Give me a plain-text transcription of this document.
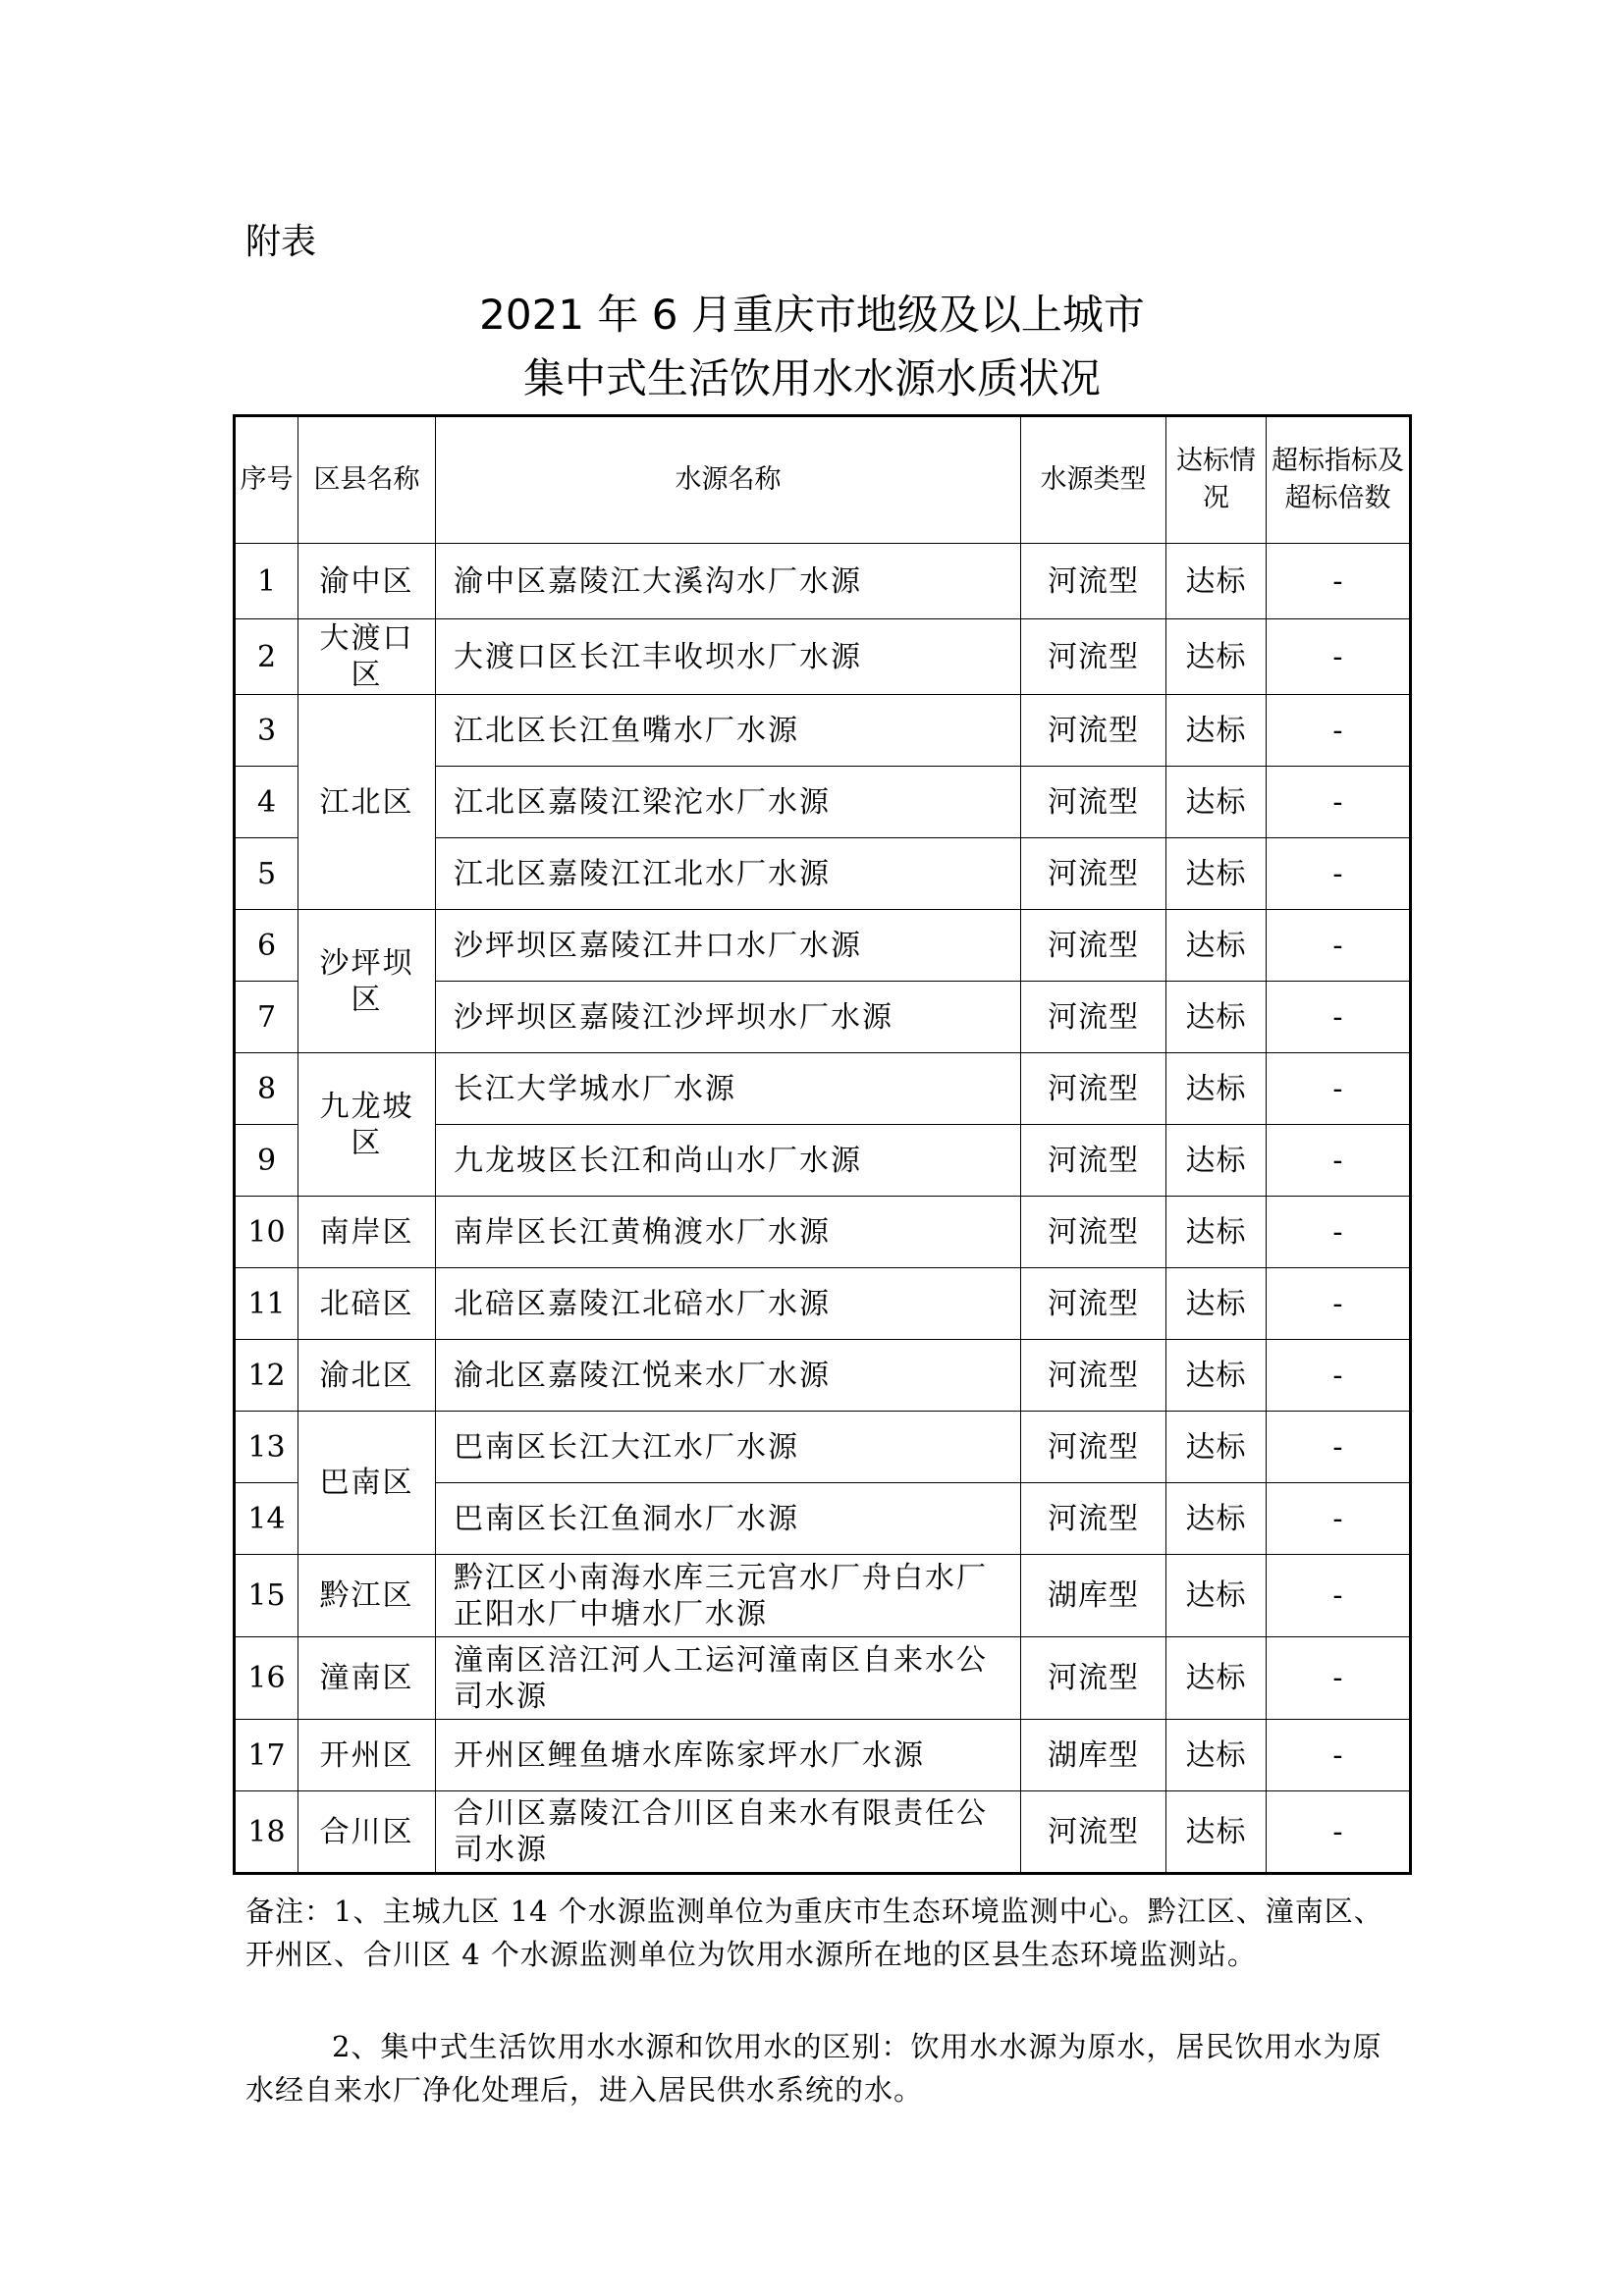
附表
2021 年 6 月重庆市地级及以上城市
集中式生活饮用水水源水质状况
序号	区县名称	水源名称	水源类型	达标情况	超标指标及超标倍数
1	渝中区	渝中区嘉陵江大溪沟水厂水源	河流型	达标	-
2	大渡口区	大渡口区长江丰收坝水厂水源	河流型	达标	-
3	江北区	江北区长江鱼嘴水厂水源	河流型	达标	-
4		江北区嘉陵江梁沱水厂水源	河流型	达标	-
5		江北区嘉陵江江北水厂水源	河流型	达标	-
6	沙坪坝区	沙坪坝区嘉陵江井口水厂水源	河流型	达标	-
7		沙坪坝区嘉陵江沙坪坝水厂水源	河流型	达标	-
8	九龙坡区	长江大学城水厂水源	河流型	达标	-
9		九龙坡区长江和尚山水厂水源	河流型	达标	-
10	南岸区	南岸区长江黄桷渡水厂水源	河流型	达标	-
11	北碚区	北碚区嘉陵江北碚水厂水源	河流型	达标	-
12	渝北区	渝北区嘉陵江悦来水厂水源	河流型	达标	-
13	巴南区	巴南区长江大江水厂水源	河流型	达标	-
14		巴南区长江鱼洞水厂水源	河流型	达标	-
15	黔江区	黔江区小南海水库三元宫水厂舟白水厂正阳水厂中塘水厂水源	湖库型	达标	-
16	潼南区	潼南区涪江河人工运河潼南区自来水公司水源	河流型	达标	-
17	开州区	开州区鲤鱼塘水库陈家坪水厂水源	湖库型	达标	-
18	合川区	合川区嘉陵江合川区自来水有限责任公司水源	河流型	达标	-
备注：1、主城九区 14 个水源监测单位为重庆市生态环境监测中心。黔江区、潼南区、开州区、合川区 4 个水源监测单位为饮用水源所在地的区县生态环境监测站。
2、集中式生活饮用水水源和饮用水的区别：饮用水水源为原水，居民饮用水为原水经自来水厂净化处理后，进入居民供水系统的水。
